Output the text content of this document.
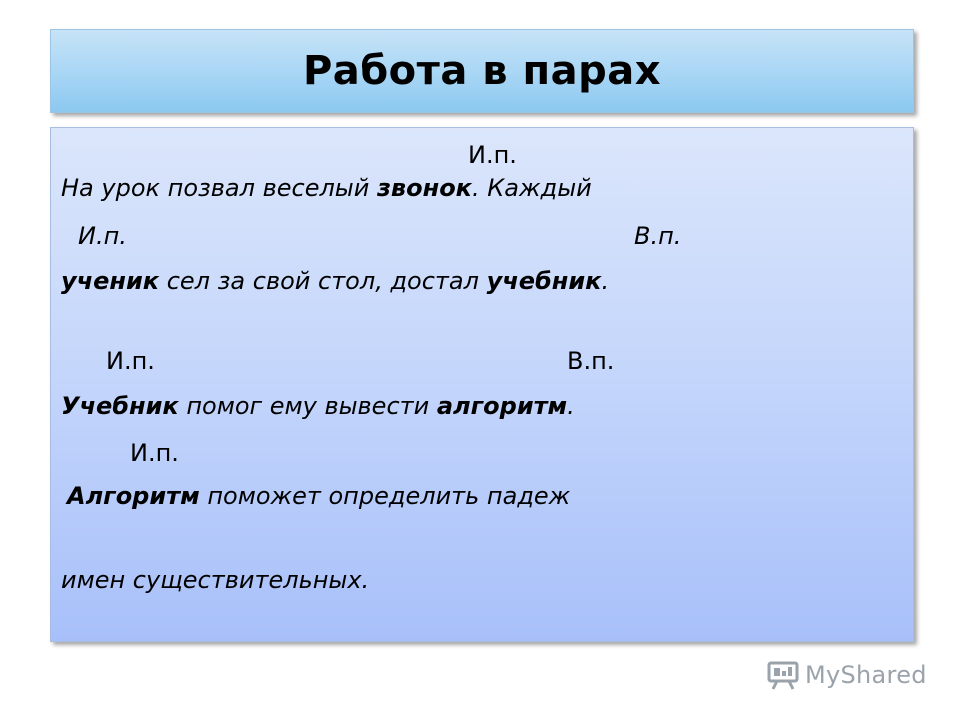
Работа в парах
И.п.
На урок позвал веселый звонок. Каждый
И.п.	В.п.
ученик сел за свой стол, достал учебник.
И.п.	В.п.
Учебник помог ему вывести алгоритм.
И.п.
Алгоритм поможет определить падеж
имен существительных.
MyShared
